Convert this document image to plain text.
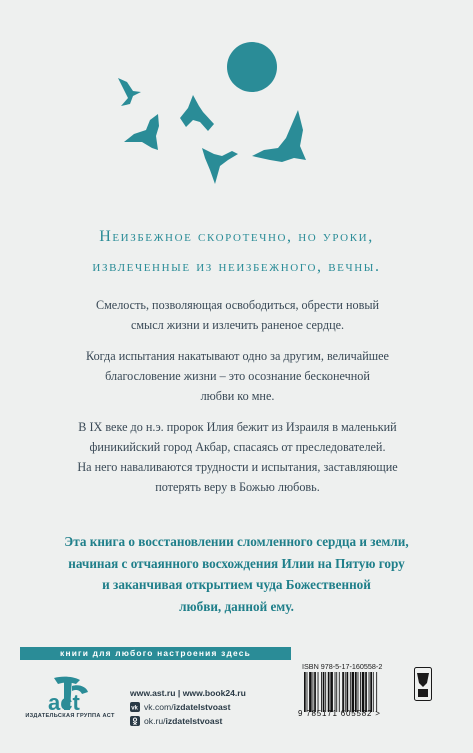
Неизбежное скоротечно, но уроки,
извлеченные из неизбежного, вечны.

Смелость, позволяющая освободиться, обрести новый
смысл жизни и излечить раненое сердце.

Когда испытания накатывают одно за другим, величайшее
благословение жизни – это осознание бесконечной
любви ко мне.

В IX веке до н.э. пророк Илия бежит из Израиля в маленький
финикийский город Акбар, спасаясь от преследователей.
На него наваливаются трудности и испытания, заставляющие
потерять веру в Божью любовь.

Эта книга о восстановлении сломленного сердца и земли,
начиная с отчаянного восхождения Илии на Пятую гору
и заканчивая открытием чуда Божественной
любви, данной ему.
книги для любого настроения здесь
act
ИЗДАТЕЛЬСКАЯ ГРУППА АСТ
www.ast.ru | www.book24.ru
vk vk.com/izdatelstvoast
ok.ru/izdatelstvoast
ISBN 978-5-17-160558-2
9 785171 605582 >
